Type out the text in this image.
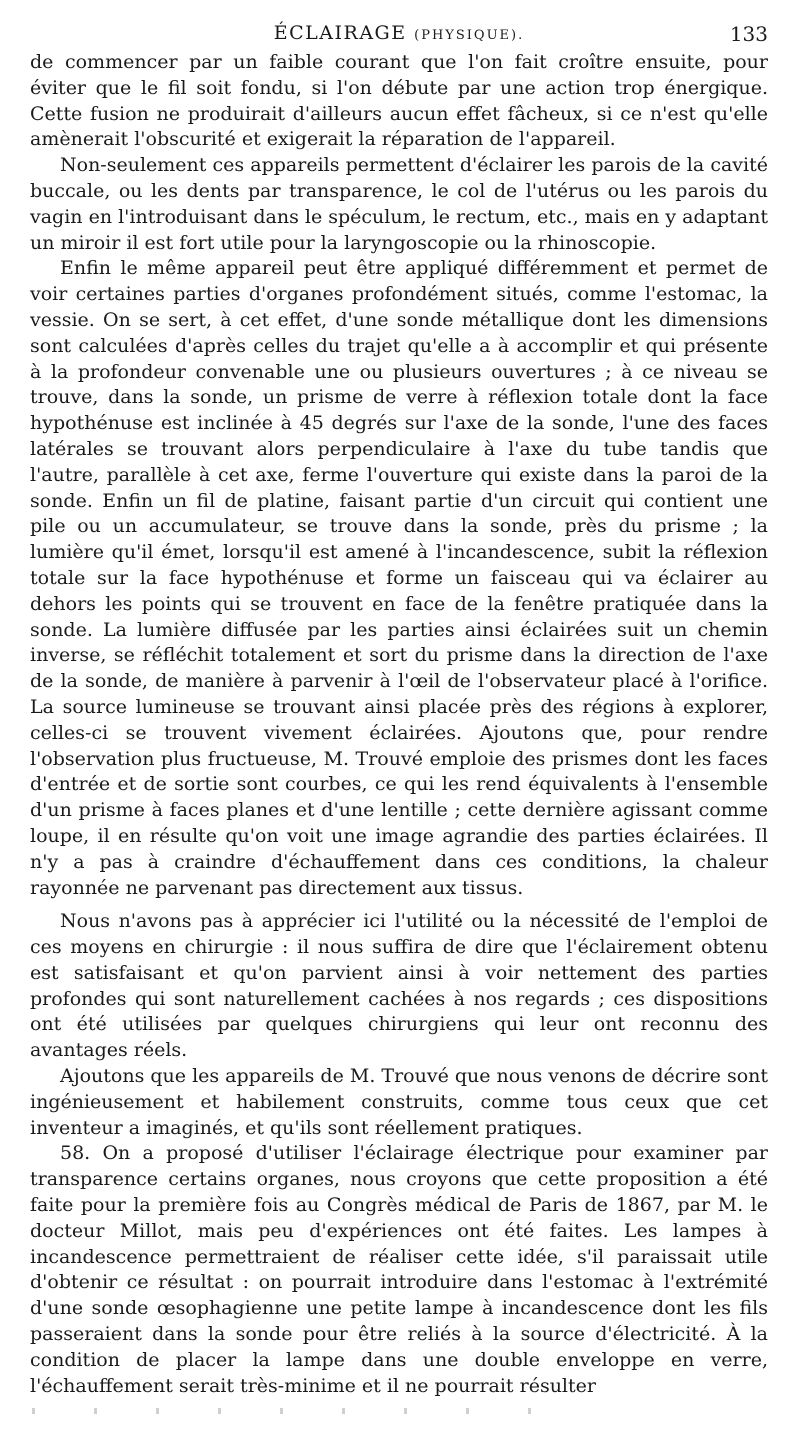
ÉCLAIRAGE (PHYSIQUE).	133

de commencer par un faible courant que l'on fait croître ensuite, pour éviter que le fil soit fondu, si l'on débute par une action trop énergique. Cette fusion ne produirait d'ailleurs aucun effet fâcheux, si ce n'est qu'elle amènerait l'obscurité et exigerait la réparation de l'appareil.

Non-seulement ces appareils permettent d'éclairer les parois de la cavité buccale, ou les dents par transparence, le col de l'utérus ou les parois du vagin en l'introduisant dans le spéculum, le rectum, etc., mais en y adaptant un miroir il est fort utile pour la laryngoscopie ou la rhinoscopie.

Enfin le même appareil peut être appliqué différemment et permet de voir certaines parties d'organes profondément situés, comme l'estomac, la vessie. On se sert, à cet effet, d'une sonde métallique dont les dimensions sont calculées d'après celles du trajet qu'elle a à accomplir et qui présente à la profondeur convenable une ou plusieurs ouvertures ; à ce niveau se trouve, dans la sonde, un prisme de verre à réflexion totale dont la face hypothénuse est inclinée à 45 degrés sur l'axe de la sonde, l'une des faces latérales se trouvant alors perpendiculaire à l'axe du tube tandis que l'autre, parallèle à cet axe, ferme l'ouverture qui existe dans la paroi de la sonde. Enfin un fil de platine, faisant partie d'un circuit qui contient une pile ou un accumulateur, se trouve dans la sonde, près du prisme ; la lumière qu'il émet, lorsqu'il est amené à l'incandescence, subit la réflexion totale sur la face hypothénuse et forme un faisceau qui va éclairer au dehors les points qui se trouvent en face de la fenêtre pratiquée dans la sonde. La lumière diffusée par les parties ainsi éclairées suit un chemin inverse, se réfléchit totalement et sort du prisme dans la direction de l'axe de la sonde, de manière à parvenir à l'œil de l'observateur placé à l'orifice. La source lumineuse se trouvant ainsi placée près des régions à explorer, celles-ci se trouvent vivement éclairées. Ajoutons que, pour rendre l'observation plus fructueuse, M. Trouvé emploie des prismes dont les faces d'entrée et de sortie sont courbes, ce qui les rend équivalents à l'ensemble d'un prisme à faces planes et d'une lentille ; cette dernière agissant comme loupe, il en résulte qu'on voit une image agrandie des parties éclairées. Il n'y a pas à craindre d'échauffement dans ces conditions, la chaleur rayonnée ne parvenant pas directement aux tissus.

Nous n'avons pas à apprécier ici l'utilité ou la nécessité de l'emploi de ces moyens en chirurgie : il nous suffira de dire que l'éclairement obtenu est satisfaisant et qu'on parvient ainsi à voir nettement des parties profondes qui sont naturellement cachées à nos regards ; ces dispositions ont été utilisées par quelques chirurgiens qui leur ont reconnu des avantages réels.

Ajoutons que les appareils de M. Trouvé que nous venons de décrire sont ingénieusement et habilement construits, comme tous ceux que cet inventeur a imaginés, et qu'ils sont réellement pratiques.

58. On a proposé d'utiliser l'éclairage électrique pour examiner par transparence certains organes, nous croyons que cette proposition a été faite pour la première fois au Congrès médical de Paris de 1867, par M. le docteur Millot, mais peu d'expériences ont été faites. Les lampes à incandescence permettraient de réaliser cette idée, s'il paraissait utile d'obtenir ce résultat : on pourrait introduire dans l'estomac à l'extrémité d'une sonde œsophagienne une petite lampe à incandescence dont les fils passeraient dans la sonde pour être reliés à la source d'électricité. À la condition de placer la lampe dans une double enveloppe en verre, l'échauffement serait très-minime et il ne pourrait résulter
